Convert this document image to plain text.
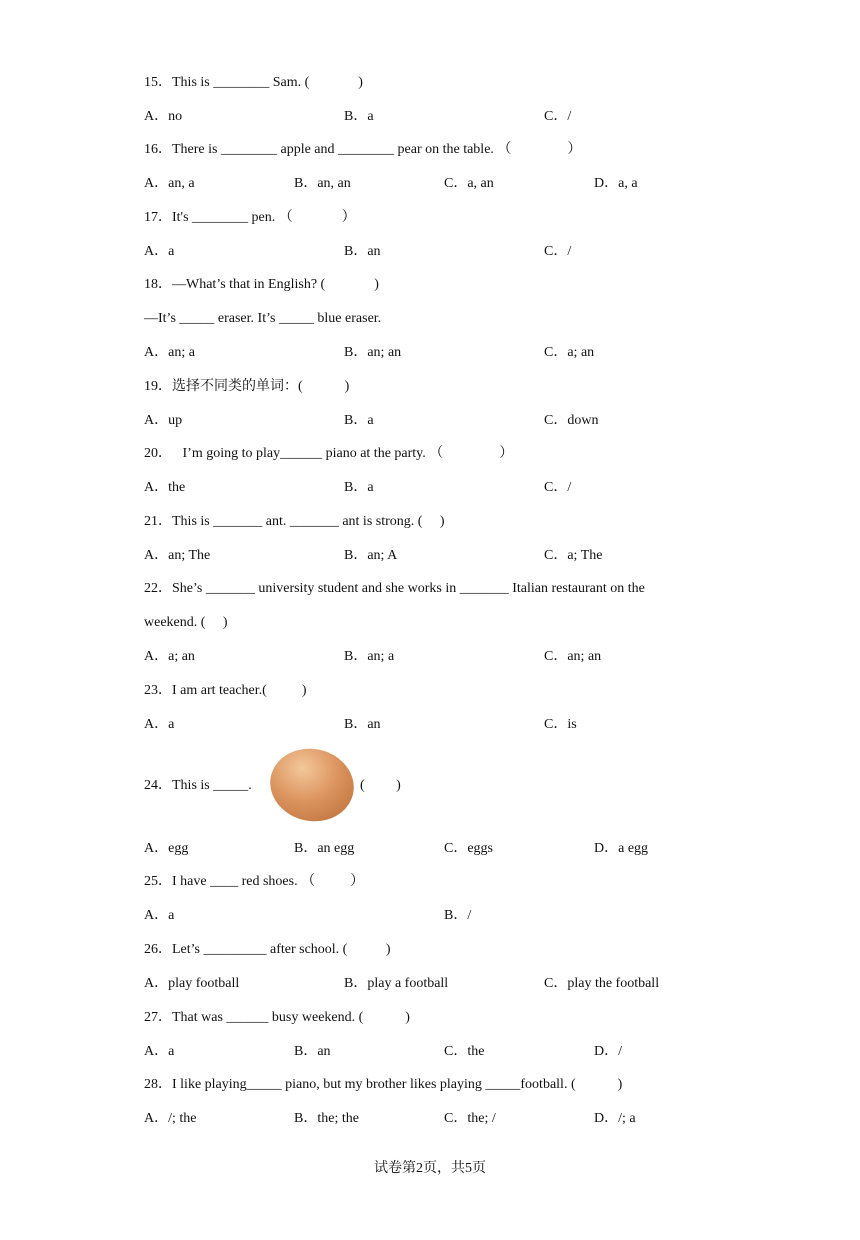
15．This is ________ Sam. (              )

A．no

	B．a

	C．/

16．There is ________ apple and ________ pear on the table. （                ）

A．an, a

	B．an, an

	C．a, an

	D．a, a

17．It's ________ pen. （              ）

A．a

	B．an

	C．/

18．—What’s that in English? (              )
—It’s _____ eraser. It’s _____ blue eraser.

A．an; a

	B．an; an

	C．a; an

19．选择不同类的单词：(            )

A．up

	B．a

	C．down

20．   I’m going to play______ piano at the party. （                ）

A．the

	B．a

	C．/

21．This is _______ ant. _______ ant is strong. (     )

A．an; The

	B．an; A

	C．a; The

22．She’s _______ university student and she works in _______ Italian restaurant on the
weekend. (     )

A．a; an

	B．an; a

	C．an; an

23．I am art teacher.(          )

A．a

	B．an

	C．is

24．This is _____.

	(         )

A．egg

	B．an egg

	C．eggs

	D．a egg

25．I have ____ red shoes. （          ）

A．a

	B．/

26．Let’s _________ after school. (           )

A．play football

	B．play a football

	C．play the football

27．That was ______ busy weekend. (            )

A．a

	B．an

	C．the

	D．/

28．I like playing_____ piano, but my brother likes playing _____football. (            )

A．/; the

	B．the; the

	C．the; /

	D．/; a

试卷第2页，共5页
